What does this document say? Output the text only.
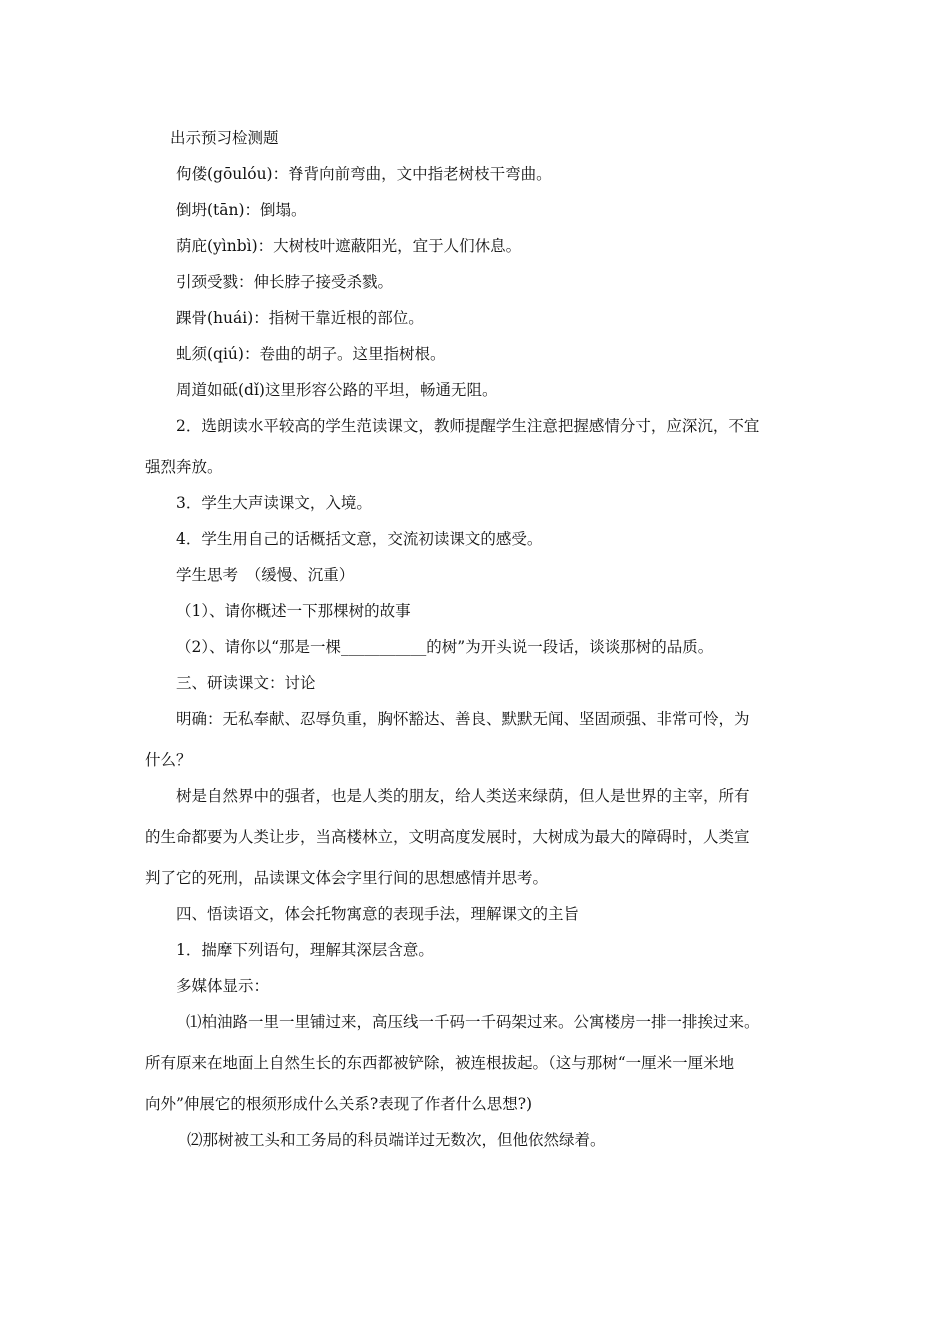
出示预习检测题
佝偻(gōulóu)：脊背向前弯曲，文中指老树枝干弯曲。
倒坍(tān)：倒塌。
荫庇(yìnbì)：大树枝叶遮蔽阳光，宜于人们休息。
引颈受戮：伸长脖子接受杀戮。
踝骨(huái)：指树干靠近根的部位。
虬须(qiú)：卷曲的胡子。这里指树根。
周道如砥(dǐ)这里形容公路的平坦，畅通无阻。
2．选朗读水平较高的学生范读课文，教师提醒学生注意把握感情分寸，应深沉，不宜
强烈奔放。
3．学生大声读课文，入境。
4．学生用自己的话概括文意，交流初读课文的感受。
学生思考　（缓慢、沉重）
（1）、请你概述一下那棵树的故事
（2）、请你以“那是一棵___________的树”为开头说一段话，谈谈那树的品质。
三、研读课文：讨论
明确：无私奉献、忍辱负重，胸怀豁达、善良、默默无闻、坚固顽强、非常可怜，为
什么？
树是自然界中的强者，也是人类的朋友，给人类送来绿荫，但人是世界的主宰，所有
的生命都要为人类让步，当高楼林立，文明高度发展时，大树成为最大的障碍时，人类宣
判了它的死刑，品读课文体会字里行间的思想感情并思考。
四、悟读语文，体会托物寓意的表现手法，理解课文的主旨
1．揣摩下列语句，理解其深层含意。
多媒体显示：
⑴柏油路一里一里铺过来，高压线一千码一千码架过来。公寓楼房一排一排挨过来。
所有原来在地面上自然生长的东西都被铲除，被连根拔起。（这与那树“一厘米一厘米地
向外”伸展它的根须形成什么关系?表现了作者什么思想?)
⑵那树被工头和工务局的科员端详过无数次，但他依然绿着。
